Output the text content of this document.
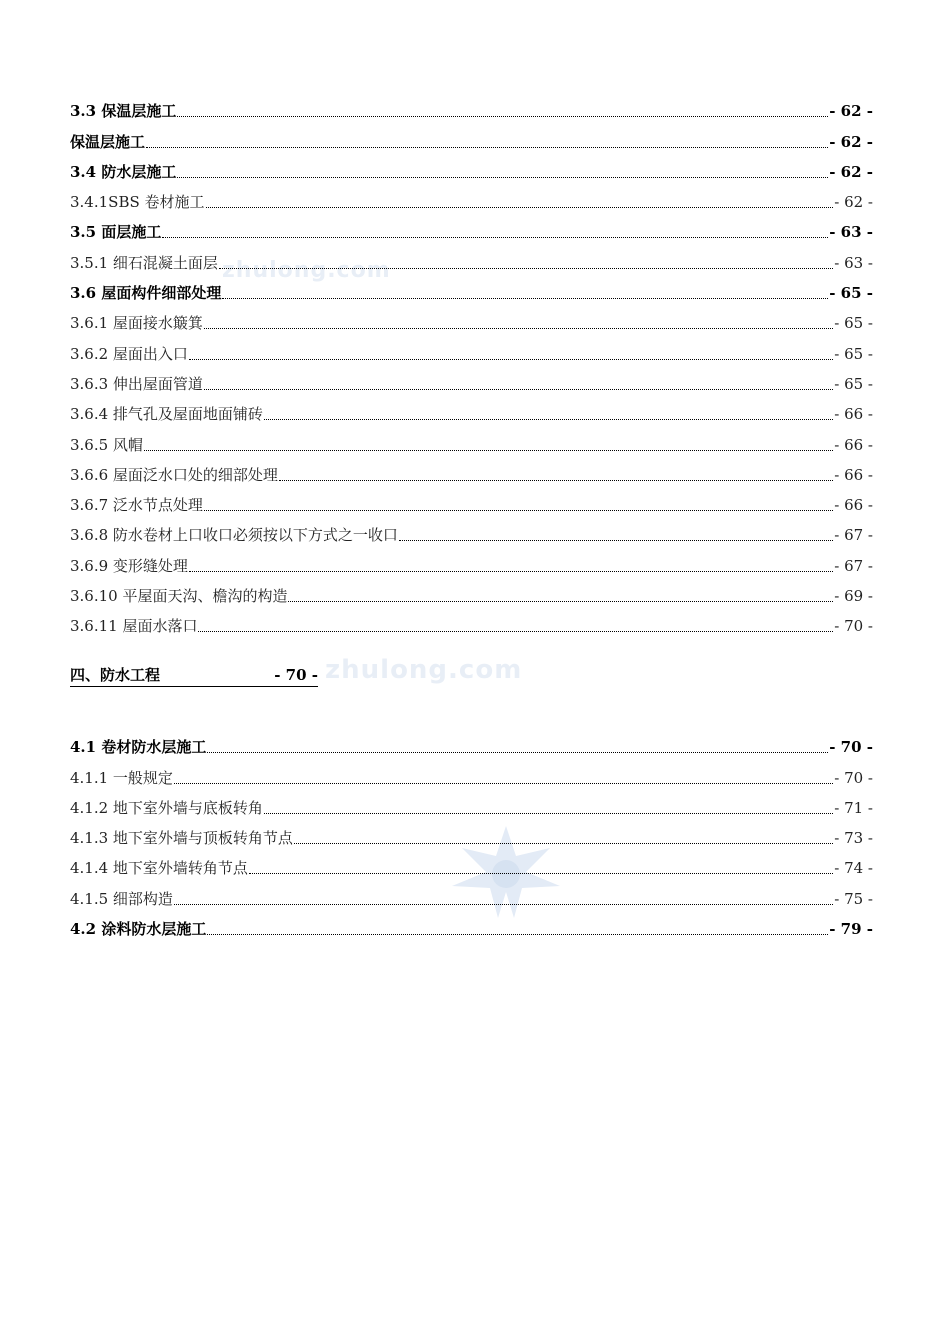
zhulong.com
zhulong.com
3.3 保温层施工	- 62 -
保温层施工	- 62 -
3.4 防水层施工	- 62 -
3.4.1SBS 卷材施工	- 62 -
3.5 面层施工	- 63 -
3.5.1 细石混凝土面层	- 63 -
3.6 屋面构件细部处理	- 65 -
3.6.1 屋面接水簸箕	- 65 -
3.6.2 屋面出入口	- 65 -
3.6.3 伸出屋面管道	- 65 -
3.6.4 排气孔及屋面地面铺砖	- 66 -
3.6.5 风帽	- 66 -
3.6.6 屋面泛水口处的细部处理	- 66 -
3.6.7 泛水节点处理	- 66 -
3.6.8 防水卷材上口收口必须按以下方式之一收口	- 67 -
3.6.9 变形缝处理	- 67 -
3.6.10 平屋面天沟、檐沟的构造	- 69 -
3.6.11 屋面水落口	- 70 -
四、防水工程	- 70 -
4.1 卷材防水层施工	- 70 -
4.1.1 一般规定	- 70 -
4.1.2 地下室外墙与底板转角	- 71 -
4.1.3 地下室外墙与顶板转角节点	- 73 -
4.1.4 地下室外墙转角节点	- 74 -
4.1.5 细部构造	- 75 -
4.2 涂料防水层施工	- 79 -
